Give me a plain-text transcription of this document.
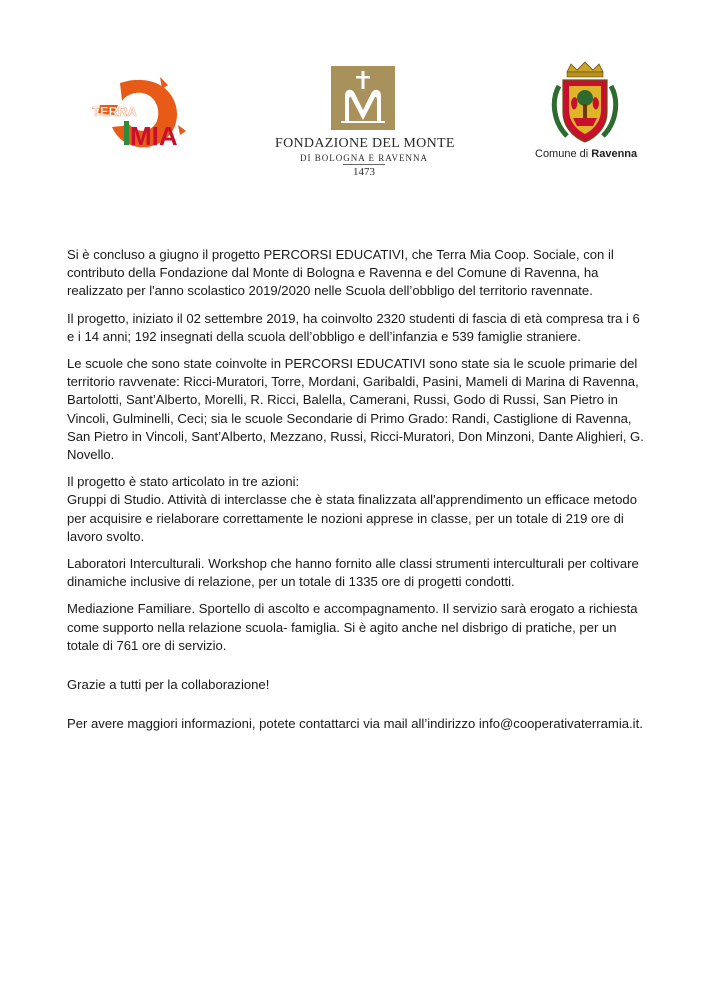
TERRA
MIA	FONDAZIONE DEL MONTE
DI BOLOGNA E RAVENNA
1473
Comune di Ravenna

Si è concluso a giugno il progetto PERCORSI EDUCATIVI, che Terra Mia Coop. Sociale, con il contributo della Fondazione dal Monte di Bologna e Ravenna e del Comune di Ravenna, ha realizzato per l'anno scolastico 2019/2020 nelle Scuola dell’obbligo del territorio ravennate.

Il progetto, iniziato il 02 settembre 2019, ha coinvolto 2320 studenti di fascia di età compresa tra i 6 e i 14 anni; 192 insegnati della scuola dell’obbligo e dell’infanzia e 539 famiglie straniere.

Le scuole che sono state coinvolte in PERCORSI EDUCATIVI sono state sia le scuole primarie del territorio ravvenate: Ricci-Muratori, Torre, Mordani, Garibaldi, Pasini, Mameli di Marina di Ravenna, Bartolotti, Sant’Alberto, Morelli, R. Ricci, Balella, Camerani, Russi, Godo di Russi, San Pietro in Vincoli, Gulminelli, Ceci; sia le scuole Secondarie di Primo Grado: Randi, Castiglione di Ravenna, San Pietro in Vincoli, Sant’Alberto, Mezzano, Russi, Ricci-Muratori, Don Minzoni, Dante Alighieri, G. Novello.

Il progetto è stato articolato in tre azioni:

Gruppi di Studio. Attività di interclasse che è stata finalizzata all'apprendimento un efficace metodo per acquisire e rielaborare correttamente le nozioni apprese in classe, per un totale di 219 ore di lavoro svolto.

Laboratori Interculturali. Workshop che hanno fornito alle classi strumenti interculturali per coltivare dinamiche inclusive di relazione, per un totale di 1335 ore di progetti condotti.

Mediazione Familiare. Sportello di ascolto e accompagnamento. Il servizio sarà erogato a richiesta come supporto nella relazione scuola- famiglia. Si è agito anche nel disbrigo di pratiche, per un totale di 761 ore di servizio.

Grazie a tutti per la collaborazione!

Per avere maggiori informazioni, potete contattarci via mail all’indirizzo info@cooperativaterramia.it.
